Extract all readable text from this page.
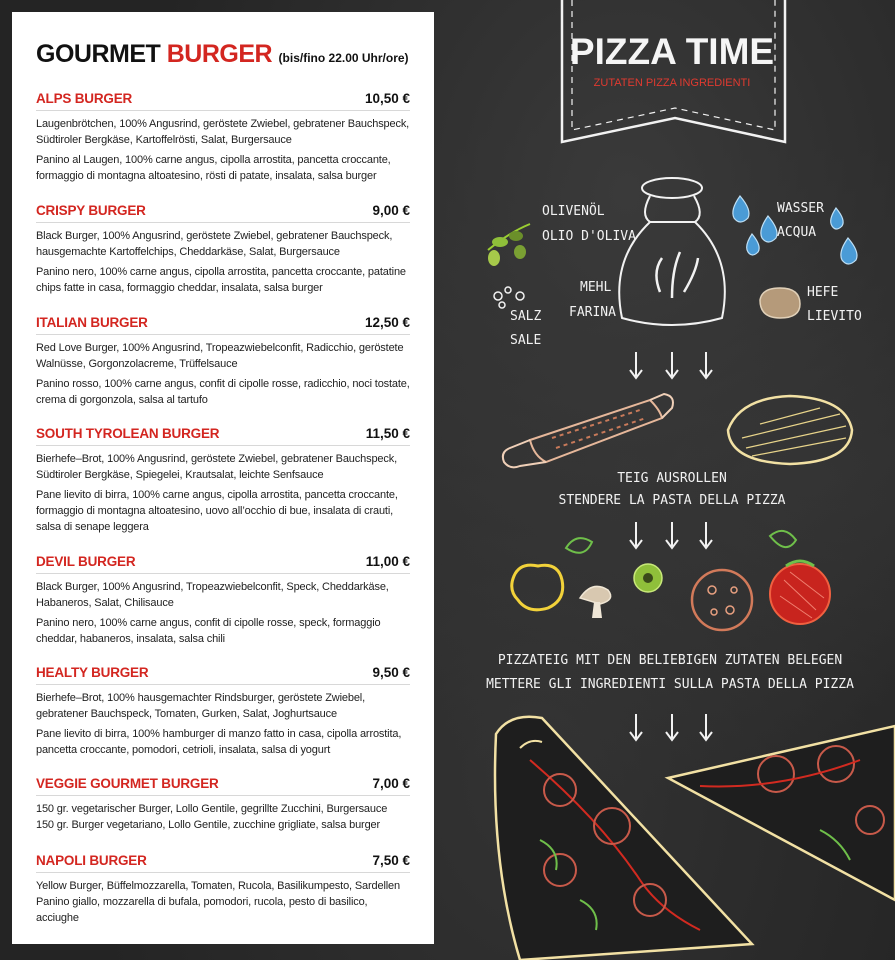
PIZZA TIME
ZUTATEN PIZZA INGREDIENTI
OLIVENÖL
OLIO D'OLIVA
WASSER
ACQUA
MEHL
FARINA
SALZ
SALE
HEFE
LIEVITO
TEIG AUSROLLEN
STENDERE LA PASTA DELLA PIZZA
PIZZATEIG MIT DEN BELIEBIGEN ZUTATEN BELEGEN
METTERE GLI INGREDIENTI SULLA PASTA DELLA PIZZA
GOURMET BURGER (bis/fino 22.00 Uhr/ore)
ALPS BURGER	10,50 €

Laugenbrötchen, 100% Angusrind, geröstete Zwiebel, gebratener Bauchspeck, Südtiroler Bergkäse, Kartoffelrösti, Salat, Burgersauce

Panino al Laugen, 100% carne angus, cipolla arrostita, pancetta croccante, formaggio di montagna altoatesino, rösti di patate, insalata, salsa burger

CRISPY BURGER	9,00 €

Black Burger, 100% Angusrind, geröstete Zwiebel, gebratener Bauchspeck, hausgemachte Kartoffelchips, Cheddarkäse, Salat, Burgersauce

Panino nero, 100% carne angus, cipolla arrostita, pancetta croccante, patatine chips fatte in casa, formaggio cheddar, insalata, salsa burger

ITALIAN BURGER	12,50 €

Red Love Burger, 100% Angusrind, Tropeazwiebelconfit, Radicchio, geröstete Walnüsse, Gorgonzolacreme, Trüffelsauce

Panino rosso, 100% carne angus, confit di cipolle rosse, radicchio, noci tostate, crema di gorgonzola, salsa al tartufo

SOUTH TYROLEAN BURGER	11,50 €

Bierhefe–Brot, 100% Angusrind, geröstete Zwiebel, gebratener Bauchspeck, Südtiroler Bergkäse, Spiegelei, Krautsalat, leichte Senfsauce

Pane lievito di birra, 100% carne angus, cipolla arrostita, pancetta croccante, formaggio di montagna altoatesino, uovo all’occhio di bue, insalata di crauti, salsa di senape leggera

DEVIL BURGER	11,00 €

Black Burger, 100% Angusrind, Tropeazwiebelconfit, Speck, Cheddarkäse, Habaneros, Salat, Chilisauce

Panino nero, 100% carne angus, confit di cipolle rosse, speck, formaggio cheddar, habaneros, insalata, salsa chili

HEALTY BURGER	9,50 €

Bierhefe–Brot, 100% hausgemachter Rindsburger, geröstete Zwiebel, gebratener Bauchspeck, Tomaten, Gurken, Salat, Joghurtsauce

Pane lievito di birra, 100% hamburger di manzo fatto in casa, cipolla arrostita, pancetta croccante, pomodori, cetrioli, insalata, salsa di yogurt

VEGGIE GOURMET BURGER	7,00 €

150 gr. vegetarischer Burger, Lollo Gentile, gegrillte Zucchini, Burgersauce

150 gr. Burger vegetariano, Lollo Gentile, zucchine grigliate, salsa burger

NAPOLI BURGER	7,50 €

Yellow Burger, Büffelmozzarella, Tomaten, Rucola, Basilikumpesto, Sardellen

Panino giallo, mozzarella di bufala, pomodori, rucola, pesto di basilico, acciughe
